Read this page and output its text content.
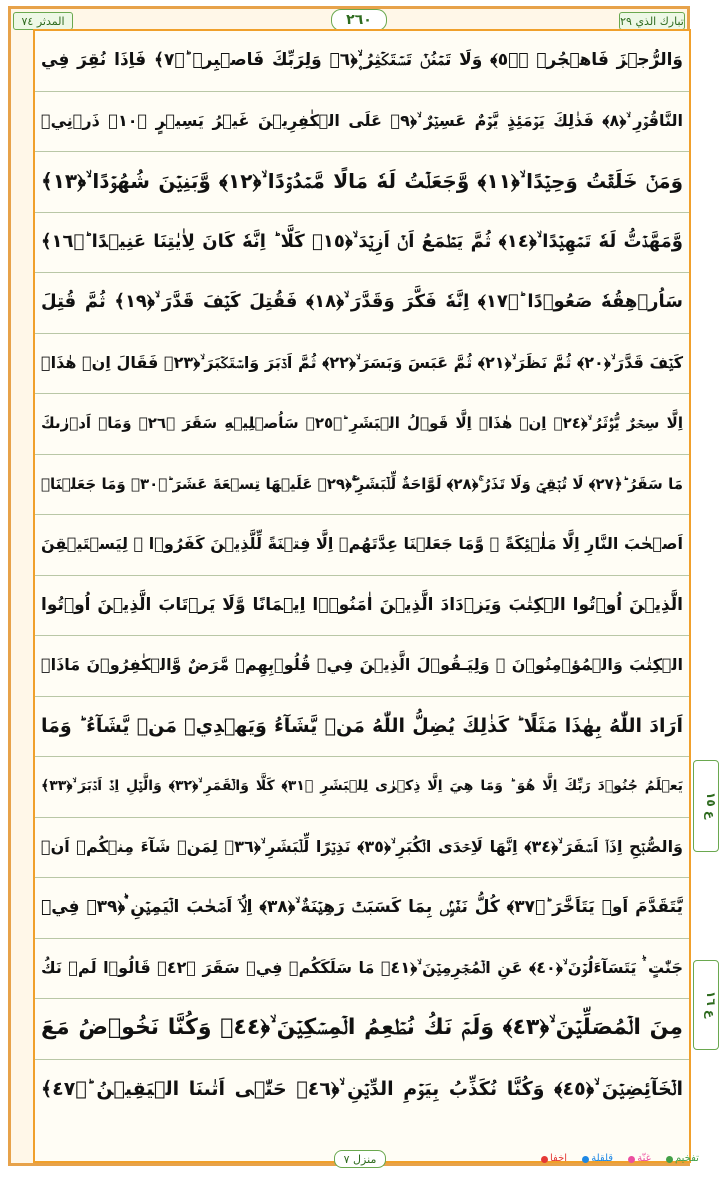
المدثر ٧٤	تبارك الذي ٢٩
٢٦٠
وَالرُّجۡزَ فَاهۡجُرۡ ۙ﴿٥﴾ وَلَا تَمۡنُنۡ تَسۡتَكۡثِرُ ۪ۙ﴿٦﴾ وَلِرَبِّكَ فَاصۡبِرۡ ؕ﴿٧﴾ فَاِذَا نُقِرَ فِي
النَّاقُوۡرِ ۙ﴿٨﴾ فَذٰلِكَ يَوۡمَئِذٍ يَّوۡمٌ عَسِيۡرٌ ۙ﴿٩﴾ عَلَى الۡكٰفِرِيۡنَ غَيۡرُ يَسِيۡرٍ ﴿١٠﴾ ذَرۡنِيۡ
وَمَنۡ خَلَقۡتُ وَحِيۡدًا ۙ﴿١١﴾ وَّجَعَلۡتُ لَهٗ مَالًا مَّمۡدُوۡدًا ۙ﴿١٢﴾ وَّبَنِيۡنَ شُهُوۡدًا ۙ﴿١٣﴾
وَّمَهَّدۡتُّ لَهٗ تَمۡهِيۡدًا ۙ﴿١٤﴾ ثُمَّ يَطۡمَعُ اَنۡ اَزِيۡدَ ۙ﴿١٥﴾ كَلَّا ؕ اِنَّهٗ كَانَ لِاٰيٰتِنَا عَنِيۡدًا ؕ﴿١٦﴾
سَاُرۡهِقُهٗ صَعُوۡدًا ؕ﴿١٧﴾ اِنَّهٗ فَكَّرَ وَقَدَّرَ ۙ﴿١٨﴾ فَقُتِلَ كَيۡفَ قَدَّرَ ۙ﴿١٩﴾ ثُمَّ قُتِلَ
كَيۡفَ قَدَّرَ ۙ﴿٢٠﴾ ثُمَّ نَظَرَ ۙ﴿٢١﴾ ثُمَّ عَبَسَ وَبَسَرَ ۙ﴿٢٢﴾ ثُمَّ اَدۡبَرَ وَاسۡتَكۡبَرَ ۙ﴿٢٣﴾ فَقَالَ اِنۡ هٰذَاۤ
اِلَّا سِحۡرٌ يُّؤۡثَرُ ۙ﴿٢٤﴾ اِنۡ هٰذَاۤ اِلَّا قَوۡلُ الۡبَشَرِ ؕ﴿٢٥﴾ سَاُصۡلِيۡهِ سَقَرَ ﴿٢٦﴾ وَمَاۤ اَدۡرٰىكَ
مَا سَقَرُ ؕ﴿٢٧﴾ لَا تُبۡقِيۡ وَلَا تَذَرُ ۚ﴿٢٨﴾ لَوَّاحَةٌ لِّلۡبَشَرِ ۚۖ﴿٢٩﴾ عَلَيۡهَا تِسۡعَةَ عَشَرَ ؕ﴿٣٠﴾ وَمَا جَعَلۡنَاۤ
اَصۡحٰبَ النَّارِ اِلَّا مَلٰۤئِكَةً ۪ وَّمَا جَعَلۡنَا عِدَّتَهُمۡ اِلَّا فِتۡنَةً لِّلَّذِيۡنَ كَفَرُوۡا ۙ لِيَسۡتَيۡقِنَ
الَّذِيۡنَ اُوۡتُوا الۡكِتٰبَ وَيَزۡدَادَ الَّذِيۡنَ اٰمَنُوۡۤا اِيۡمَانًا وَّلَا يَرۡتَابَ الَّذِيۡنَ اُوۡتُوا
الۡكِتٰبَ وَالۡمُؤۡمِنُوۡنَ ۙ وَلِيَـقُوۡلَ الَّذِيۡنَ فِيۡ قُلُوۡبِهِمۡ مَّرَضٌ وَّالۡكٰفِرُوۡنَ مَاذَاۤ
اَرَادَ اللّٰهُ بِهٰذَا مَثَلًا ؕ كَذٰلِكَ يُضِلُّ اللّٰهُ مَنۡ يَّشَآءُ وَيَهۡدِيۡ مَنۡ يَّشَآءُ ؕ وَمَا
يَعۡلَمُ جُنُوۡدَ رَبِّكَ اِلَّا هُوَ ؕ وَمَا هِيَ اِلَّا ذِكۡرٰى لِلۡبَشَرِ ﴿٣١﴾ كَلَّا وَالۡقَمَرِ ۙ﴿٣٢﴾ وَالَّيۡلِ اِذۡ اَدۡبَرَ ۙ﴿٣٣﴾
وَالصُّبۡحِ اِذَاۤ اَسۡفَرَ ۙ﴿٣٤﴾ اِنَّهَا لَاِحۡدَى الۡكُبَرِ ۙ﴿٣٥﴾ نَذِيۡرًا لِّلۡبَشَرِ ۙ﴿٣٦﴾ لِمَنۡ شَآءَ مِنۡكُمۡ اَنۡ
يَّتَقَدَّمَ اَوۡ يَتَاَخَّرَ ؕ﴿٣٧﴾ كُلُّ نَفۡسٍۢ بِمَا كَسَبَتۡ رَهِيۡنَةٌ ۙ﴿٣٨﴾ اِلَّاۤ اَصۡحٰبَ الۡيَمِيۡنِ ۛؕ﴿٣٩﴾ فِيۡ
جَنّٰتٍ ۛؕ يَتَسَآءَلُوۡنَ ۙ﴿٤٠﴾ عَنِ الۡمُجۡرِمِيۡنَ ۙ﴿٤١﴾ مَا سَلَكَكُمۡ فِيۡ سَقَرَ ﴿٤٢﴾ قَالُوۡا لَمۡ نَكُ
مِنَ الۡمُصَلِّيۡنَ ۙ﴿٤٣﴾ وَلَمۡ نَكُ نُطۡعِمُ الۡمِسۡكِيۡنَ ۙ﴿٤٤﴾ وَكُنَّا نَخُوۡضُ مَعَ
الۡخَآئِضِيۡنَ ۙ﴿٤٥﴾ وَكُنَّا نُكَذِّبُ بِيَوۡمِ الدِّيۡنِ ۙ﴿٤٦﴾ حَتّٰۤى اَتٰٮنَا الۡيَقِيۡنُ ؕ﴿٤٧﴾
منزل ٧	اخفا قلقلة غنّة تفخيم
ع ١٥
ع ١٦
